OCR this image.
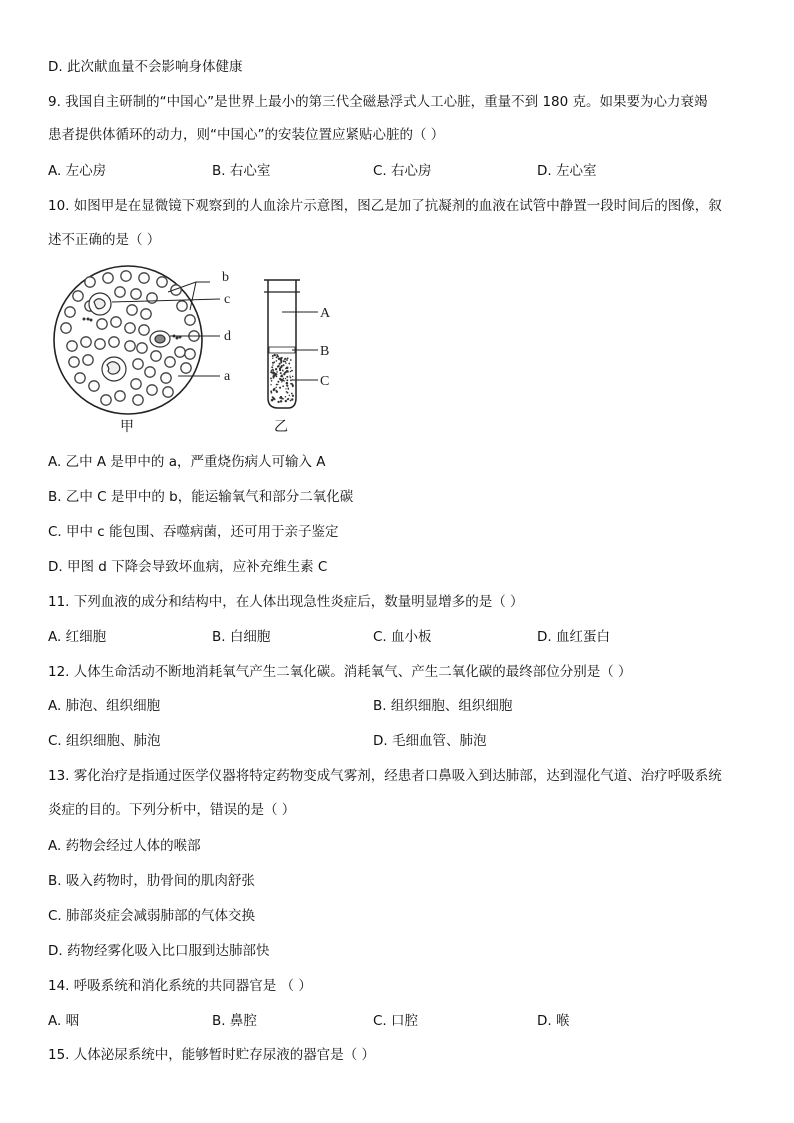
D. 此次献血量不会影响身体健康
9. 我国自主研制的“中国心”是世界上最小的第三代全磁悬浮式人工心脏，重量不到 180 克。如果要为心力衰竭
患者提供体循环的动力，则“中国心”的安装位置应紧贴心脏的（ ）
A. 左心房	B. 右心室	C. 右心房	D. 左心室
10. 如图甲是在显微镜下观察到的人血涂片示意图，图乙是加了抗凝剂的血液在试管中静置一段时间后的图像，叙
述不正确的是（ ）
b
c
d
a
甲
A
B
C
乙
A. 乙中 A 是甲中的 a，严重烧伤病人可输入 A
B. 乙中 C 是甲中的 b，能运输氧气和部分二氧化碳
C. 甲中 c 能包围、吞噬病菌，还可用于亲子鉴定
D. 甲图 d 下降会导致坏血病，应补充维生素 C
11. 下列血液的成分和结构中，在人体出现急性炎症后，数量明显增多的是（ ）
A. 红细胞	B. 白细胞	C. 血小板	D. 血红蛋白
12. 人体生命活动不断地消耗氧气产生二氧化碳。消耗氧气、产生二氧化碳的最终部位分别是（ ）
A. 肺泡、组织细胞	B. 组织细胞、组织细胞
C. 组织细胞、肺泡	D. 毛细血管、肺泡
13. 雾化治疗是指通过医学仪器将特定药物变成气雾剂，经患者口鼻吸入到达肺部，达到湿化气道、治疗呼吸系统
炎症的目的。下列分析中，错误的是（ ）
A. 药物会经过人体的喉部
B. 吸入药物时，肋骨间的肌肉舒张
C. 肺部炎症会减弱肺部的气体交换
D. 药物经雾化吸入比口服到达肺部快
14. 呼吸系统和消化系统的共同器官是 （ ）
A. 咽	B. 鼻腔	C. 口腔	D. 喉
15. 人体泌尿系统中，能够暂时贮存尿液的器官是（ ）
